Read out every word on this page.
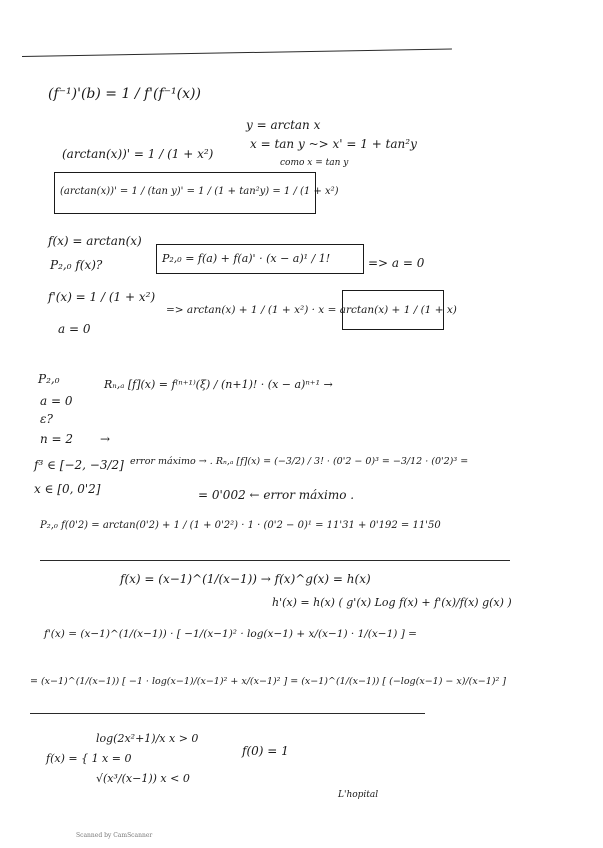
(f⁻¹)'(b) = 1 / f'(f⁻¹(x))
y = arctan x
(arctan(x))' = 1 / (1 + x²)
x = tan y ~> x' = 1 + tan²y
como x = tan y
(arctan(x))' = 1 / (tan y)' = 1 / (1 + tan²y) = 1 / (1 + x²)
f(x) = arctan(x)
P₂,₀ f(x)?	P₂,₀ = f(a) + f(a)' · (x − a)¹ / 1!	=> a = 0
f'(x) = 1 / (1 + x²)
a = 0
=> arctan(x) + 1 / (1 + x²) · x = arctan(x) + 1 / (1 + x)
P₂,₀	Rₙ,ₐ [f](x) = f⁽ⁿ⁺¹⁾(ξ) / (n+1)! · (x − a)ⁿ⁺¹ →
a = 0
ε?
n = 2 →
f³ ∈ [−2, −3/2] error máximo → . Rₙ,ₐ [f](x) = (−3/2) / 3! · (0'2 − 0)³ = −3/12 · (0'2)³ =
x ∈ [0, 0'2]	= 0'002 ← error máximo .
P₂,₀ f(0'2) = arctan(0'2) + 1 / (1 + 0'2²) · 1 · (0'2 − 0)¹ = 11'31 + 0'192 = 11'50
f(x) = (x−1)^(1/(x−1)) → f(x)^g(x) = h(x)
h'(x) = h(x) ( g'(x) Log f(x) + f'(x)/f(x) g(x) )
f'(x) = (x−1)^(1/(x−1)) · [ −1/(x−1)² · log(x−1) + x/(x−1) · 1/(x−1) ] =
= (x−1)^(1/(x−1)) [ −1 · log(x−1)/(x−1)² + x/(x−1)² ] = (x−1)^(1/(x−1)) [ (−log(x−1) − x)/(x−1)² ]
log(2x²+1)/x x > 0
f(x) = { 1 x = 0
√(x³/(x−1)) x < 0
f(0) = 1
L'hopital
Scanned by CamScanner
